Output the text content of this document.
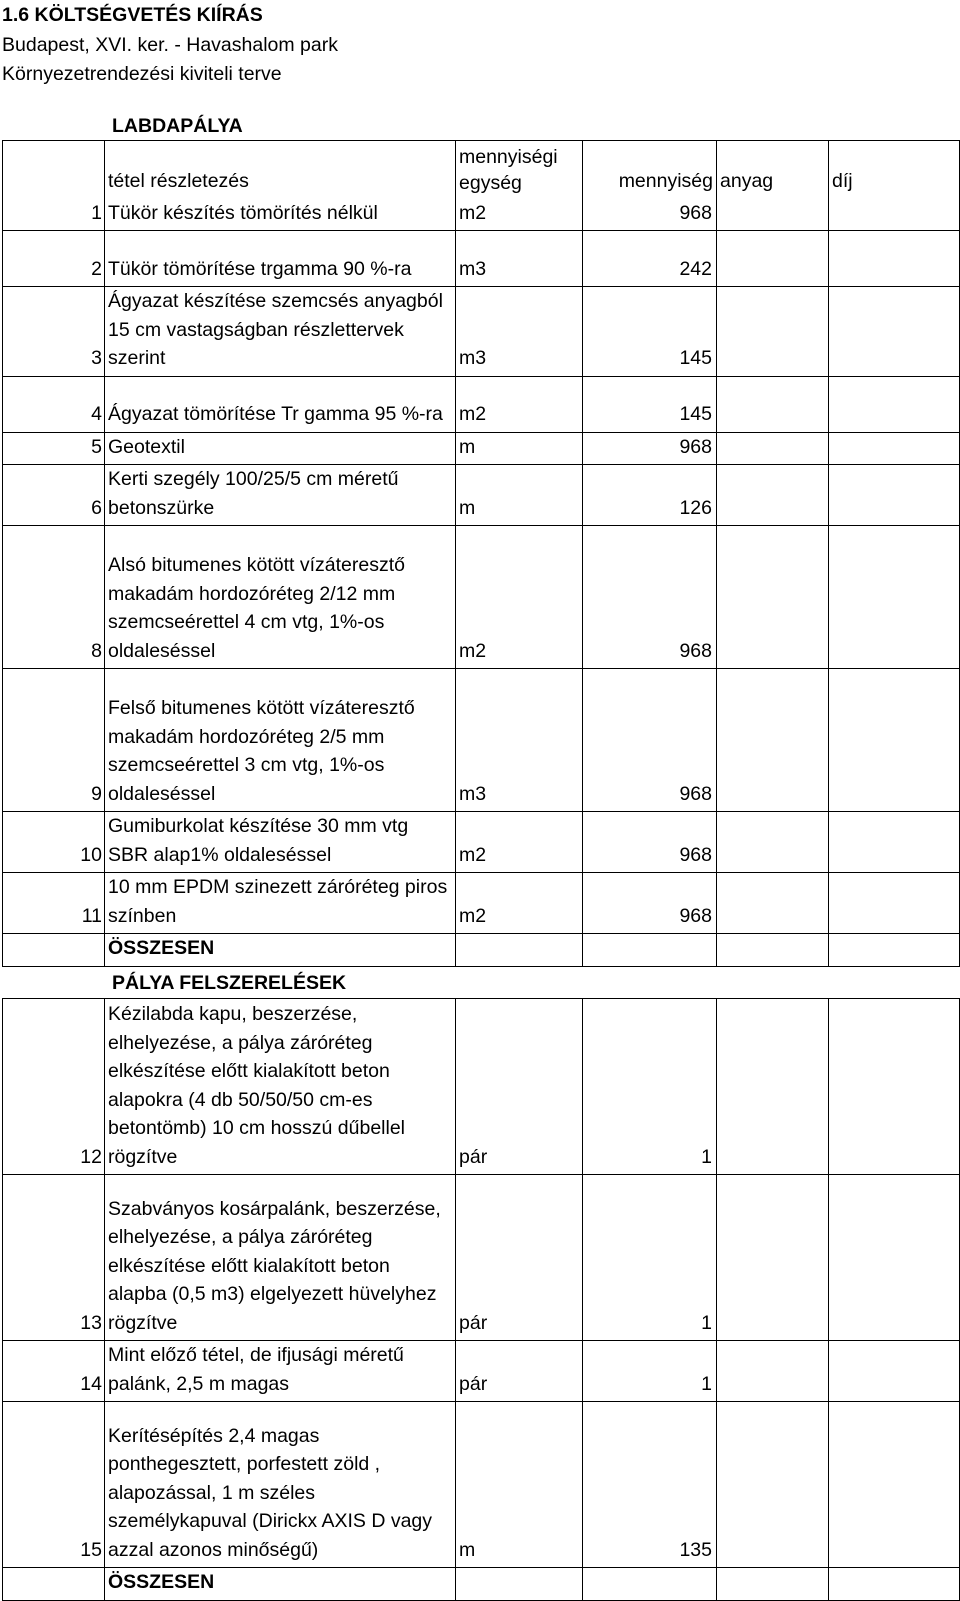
1.6 KÖLTSÉGVETÉS KIÍRÁS
Budapest, XVI. ker. - Havashalom park
Környezetrendezési kiviteli terve
LABDAPÁLYA
	tétel részletezés	mennyiségi egység	mennyiség	anyag	díj
1	Tükör készítés tömörítés nélkül	m2	968		
2	Tükör tömörítése trgamma 90 %-ra	m3	242		
3	Ágyazat készítése szemcsés anyagból 15 cm vastagságban részlettervek szerint	m3	145		
4	Ágyazat tömörítése Tr gamma 95 %-ra	m2	145		
5	Geotextil	m	968		
6	Kerti szegély 100/25/5 cm méretű betonszürke	m	126		
8	Alsó bitumenes kötött vízáteresztő makadám hordozóréteg 2/12 mm szemcseérettel 4 cm vtg, 1%-os oldaleséssel	m2	968		
9	Felső bitumenes kötött vízáteresztő makadám hordozóréteg 2/5 mm szemcseérettel 3 cm vtg, 1%-os oldaleséssel	m3	968		
10	Gumiburkolat készítése 30 mm vtg SBR alap1% oldaleséssel	m2	968		
11	10 mm EPDM szinezett záróréteg piros színben	m2	968		
	ÖSSZESEN				
PÁLYA FELSZERELÉSEK
12	Kézilabda kapu, beszerzése, elhelyezése, a pálya záróréteg elkészítése előtt kialakított beton alapokra (4 db 50/50/50 cm-es betontömb) 10 cm hosszú dűbellel rögzítve	pár	1		
13	Szabványos kosárpalánk, beszerzése, elhelyezése, a pálya záróréteg elkészítése előtt kialakított beton alapba (0,5 m3) elgelyezett hüvelyhez rögzítve	pár	1		
14	Mint előző tétel, de ifjusági méretű palánk, 2,5 m magas	pár	1		
15	Kerítésépítés 2,4 magas ponthegesztett, porfestett zöld , alapozással, 1 m széles személykapuval (Dirickx AXIS D vagy azzal azonos minőségű)	m	135		
	ÖSSZESEN				
